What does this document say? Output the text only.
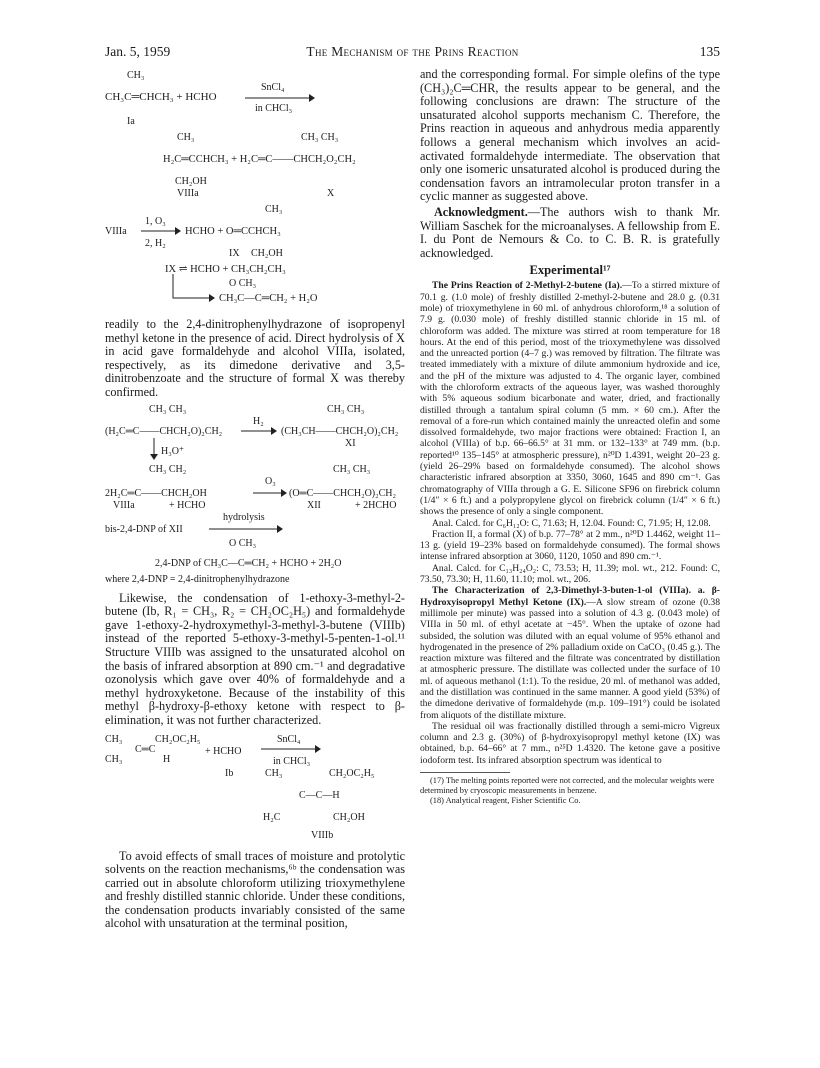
Jan. 5, 1959	The Mechanism of the Prins Reaction	135
CH₃
CH₃C═CHCH₃ + HCHO
SnCl₄
in CHCl₃
Ia
CH₃	CH₃ CH₃
H₂C═CCHCH₃ + H₂C═C——CHCH₂O₂CH₂
CH₂OH
VIIIa	X
CH₃
VIIIa
1, O₃
2, H₂
HCHO + O═CCHCH₃
IX CH₂OH
IX ⇌ HCHO + CH₃CH₂CH₃
O CH₃
CH₃C—C═CH₂ + H₂O

readily to the 2,4-dinitrophenylhydrazone of isopropenyl methyl ketone in the presence of acid. Direct hydrolysis of X in acid gave formaldehyde and alcohol VIIIa, isolated, respectively, as its dimedone derivative and 3,5-dinitrobenzoate and the structure of formal X was thereby confirmed.

CH₃ CH₃	CH₃ CH₃
H₂
(H₂C═C——CHCH₂O)₂CH₂	(CH₃CH——CHCH₂O)₂CH₂
XI
H₃O⁺
CH₃ CH₂	CH₃ CH₃
O₃
2H₂C═C——CHCH₂OH	(O═C——CHCH₂O)₂CH₂
VIIIa	+ HCHO	XII	+ 2HCHO
hydrolysis
bis-2,4-DNP of XII
O CH₃
2,4-DNP of CH₃C—C═CH₂ + HCHO + 2H₂O
where 2,4-DNP = 2,4-dinitrophenylhydrazone

Likewise, the condensation of 1-ethoxy-3-methyl-2-butene (Ib, R₁ = CH₃, R₂ = CH₂OC₂H₅) and formaldehyde gave 1-ethoxy-2-hydroxymethyl-3-methyl-3-butene (VIIIb) instead of the reported 5-ethoxy-3-methyl-5-penten-1-ol.¹¹ Structure VIIIb was assigned to the unsaturated alcohol on the basis of infrared absorption at 890 cm.⁻¹ and degradative ozonolysis which gave over 40% of formaldehyde and a methyl hydroxyketone. Because of the instability of this methyl β-hydroxy-β-ethoxy ketone with respect to β-elimination, it was not further characterized.

CH₃	CH₂OC₂H₅
C═C
SnCl₄
+ HCHO
CH₃	H	in CHCl₃
Ib	CH₃	CH₂OC₂H₅
C—C—H
H₂C	CH₂OH
VIIIb

To avoid effects of small traces of moisture and protolytic solvents on the reaction mechanisms,⁶ᵇ the condensation was carried out in absolute chloroform utilizing trioxymethylene and freshly distilled stannic chloride. Under these conditions, the condensation products invariably consisted of the same alcohol with unsaturation at the terminal position,

and the corresponding formal. For simple olefins of the type (CH₃)₂C═CHR, the results appear to be general, and the following conclusions are drawn: The structure of the unsaturated alcohol supports mechanism C. Therefore, the Prins reaction in aqueous and anhydrous media apparently follows a general mechanism which involves an acid-activated formaldehyde intermediate. The observation that only one isomeric unsaturated alcohol is produced during the condensation favors an intramolecular proton transfer in a cyclic manner as suggested above.

Acknowledgment.—The authors wish to thank Mr. William Saschek for the microanalyses. A fellowship from E. I. du Pont de Nemours & Co. to C. B. R. is gratefully acknowledged.

Experimental¹⁷

The Prins Reaction of 2-Methyl-2-butene (Ia).—To a stirred mixture of 70.1 g. (1.0 mole) of freshly distilled 2-methyl-2-butene and 28.0 g. (0.31 mole) of trioxymethylene in 60 ml. of anhydrous chloroform,¹⁸ a solution of 7.9 g. (0.030 mole) of freshly distilled stannic chloride in 15 ml. of chloroform was added. The mixture was stirred at room temperature for 18 hours. At the end of this period, most of the trioxymethylene was dissolved and the unreacted portion (4–7 g.) was removed by filtration. The filtrate was treated immediately with a mixture of dilute ammonium hydroxide and ice, and the pH of the mixture was adjusted to 4. The organic layer, combined with the chloroform extracts of the aqueous layer, was washed thoroughly with 5% aqueous sodium bicarbonate and water, dried, and fractionally distilled through a tantalum spiral column (5 mm. × 60 cm.). After the removal of a fore-run which contained mainly the unreacted olefin and some dissolved formaldehyde, two major fractions were obtained: Fraction I, an alcohol (VIIIa) of b.p. 66–66.5° at 31 mm. or 132–133° at 749 mm. (b.p. reported¹⁰ 135–145° at atmospheric pressure), n²⁰D 1.4391, weight 20–23 g. (yield 26–29% based on formaldehyde consumed). The alcohol shows characteristic infrared absorption at 3350, 3060, 1645 and 890 cm⁻¹. Gas chromatography of VIIIa through a G. E. Silicone SF96 on firebrick column (1/4″ × 6 ft.) and a polypropylene glycol on firebrick column (1/4″ × 6 ft.) shows the presence of only a single component.

Anal. Calcd. for C₆H₁₂O: C, 71.63; H, 12.04. Found: C, 71.95; H, 12.08.

Fraction II, a formal (X) of b.p. 77–78° at 2 mm., n²⁰D 1.4462, weight 11–13 g. (yield 19–23% based on formaldehyde consumed). The formal shows intense infrared absorption at 3060, 1120, 1050 and 890 cm.⁻¹.

Anal. Calcd. for C₁₃H₂₄O₂: C, 73.53; H, 11.39; mol. wt., 212. Found: C, 73.50, 73.30; H, 11.60, 11.10; mol. wt., 206.

The Characterization of 2,3-Dimethyl-3-buten-1-ol (VIIIa). a. β-Hydroxyisopropyl Methyl Ketone (IX).—A slow stream of ozone (0.38 millimole per minute) was passed into a solution of 4.3 g. (0.043 mole) of VIIIa in 50 ml. of ethyl acetate at −45°. When the uptake of ozone had subsided, the solution was diluted with an equal volume of 95% ethanol and hydrogenated in the presence of 2% palladium oxide on CaCO₃ (0.45 g.). The reaction mixture was filtered and the filtrate was concentrated by distillation at atmospheric pressure. The distillate was collected under the surface of 10 ml. of aqueous methanol (1:1). To the residue, 20 ml. of methanol was added, and the distillation was continued in the same manner. A good yield (53%) of the dimedone derivative of formaldehyde (m.p. 109–191°) could be isolated from aliquots of the distillate mixture.

The residual oil was fractionally distilled through a semi-micro Vigreux column and 2.3 g. (30%) of β-hydroxyisopropyl methyl ketone (IX) was obtained, b.p. 64–66° at 7 mm., n²⁵D 1.4320. The ketone gave a positive iodoform test. Its infrared absorption spectrum was identical to

(17) The melting points reported were not corrected, and the molecular weights were determined by cryoscopic measurements in benzene.

(18) Analytical reagent, Fisher Scientific Co.
